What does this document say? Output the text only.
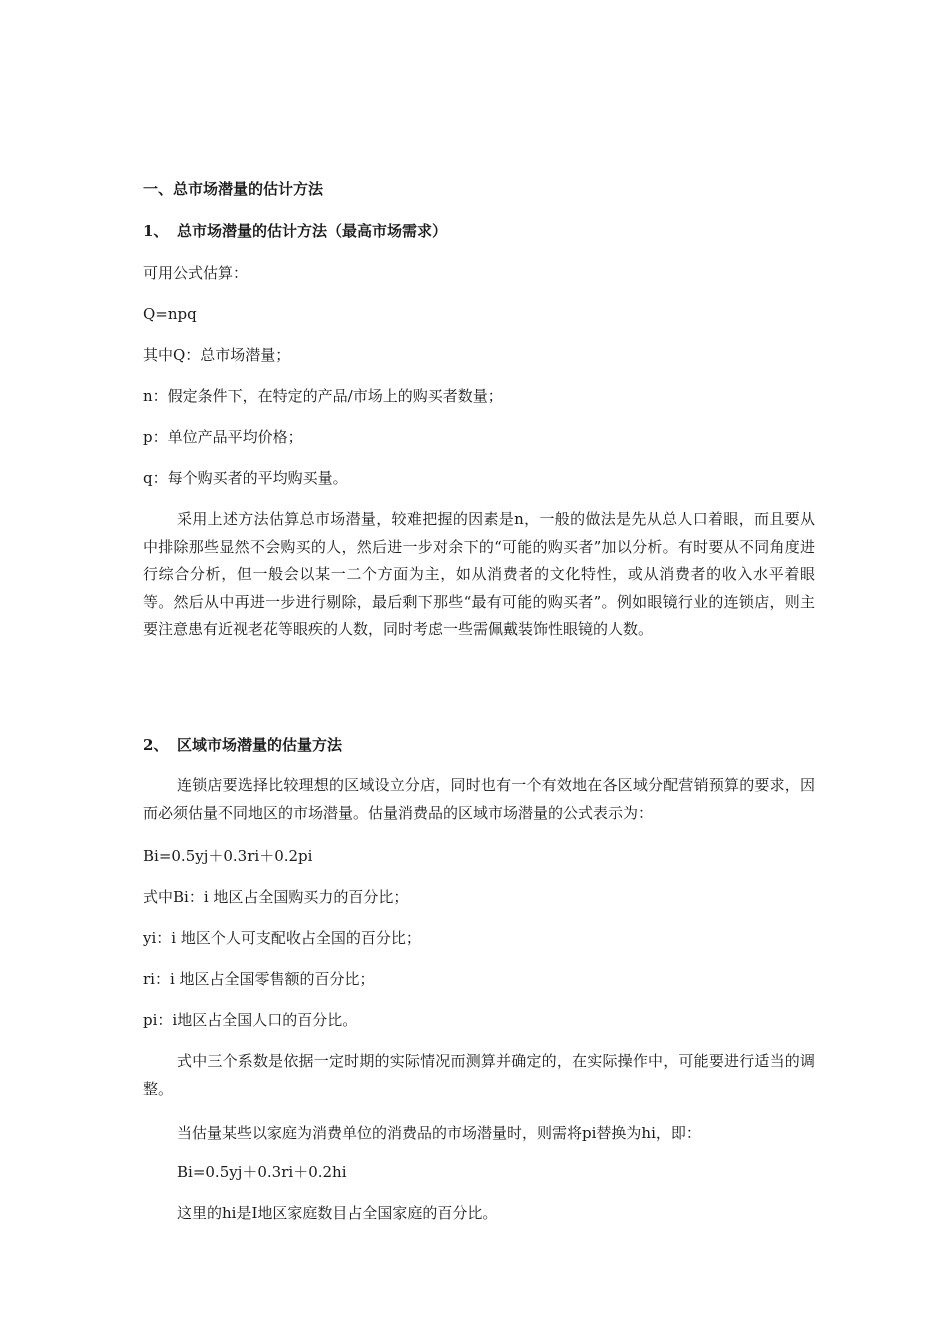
一、总市场潜量的估计方法
1、 总市场潜量的估计方法（最高市场需求）
可用公式估算：
Q=npq
其中Q：总市场潜量；
n：假定条件下，在特定的产品/市场上的购买者数量；
p：单位产品平均价格；
q：每个购买者的平均购买量。
采用上述方法估算总市场潜量，较难把握的因素是n，一般的做法是先从总人口着眼，而且要从中排除那些显然不会购买的人，然后进一步对余下的“可能的购买者”加以分析。有时要从不同角度进行综合分析，但一般会以某一二个方面为主，如从消费者的文化特性，或从消费者的收入水平着眼等。然后从中再进一步进行剔除，最后剩下那些“最有可能的购买者”。例如眼镜行业的连锁店，则主要注意患有近视老花等眼疾的人数，同时考虑一些需佩戴装饰性眼镜的人数。
2、 区域市场潜量的估量方法
连锁店要选择比较理想的区域设立分店，同时也有一个有效地在各区域分配营销预算的要求，因而必须估量不同地区的市场潜量。估量消费品的区域市场潜量的公式表示为：
Bi=0.5yj＋0.3ri＋0.2pi
式中Bi：i 地区占全国购买力的百分比；
yi：i 地区个人可支配收占全国的百分比；
ri：i 地区占全国零售额的百分比；
pi：i地区占全国人口的百分比。
式中三个系数是依据一定时期的实际情况而测算并确定的，在实际操作中，可能要进行适当的调整。
当估量某些以家庭为消费单位的消费品的市场潜量时，则需将pi替换为hi，即：
Bi=0.5yj＋0.3ri＋0.2hi
这里的hi是I地区家庭数目占全国家庭的百分比。
